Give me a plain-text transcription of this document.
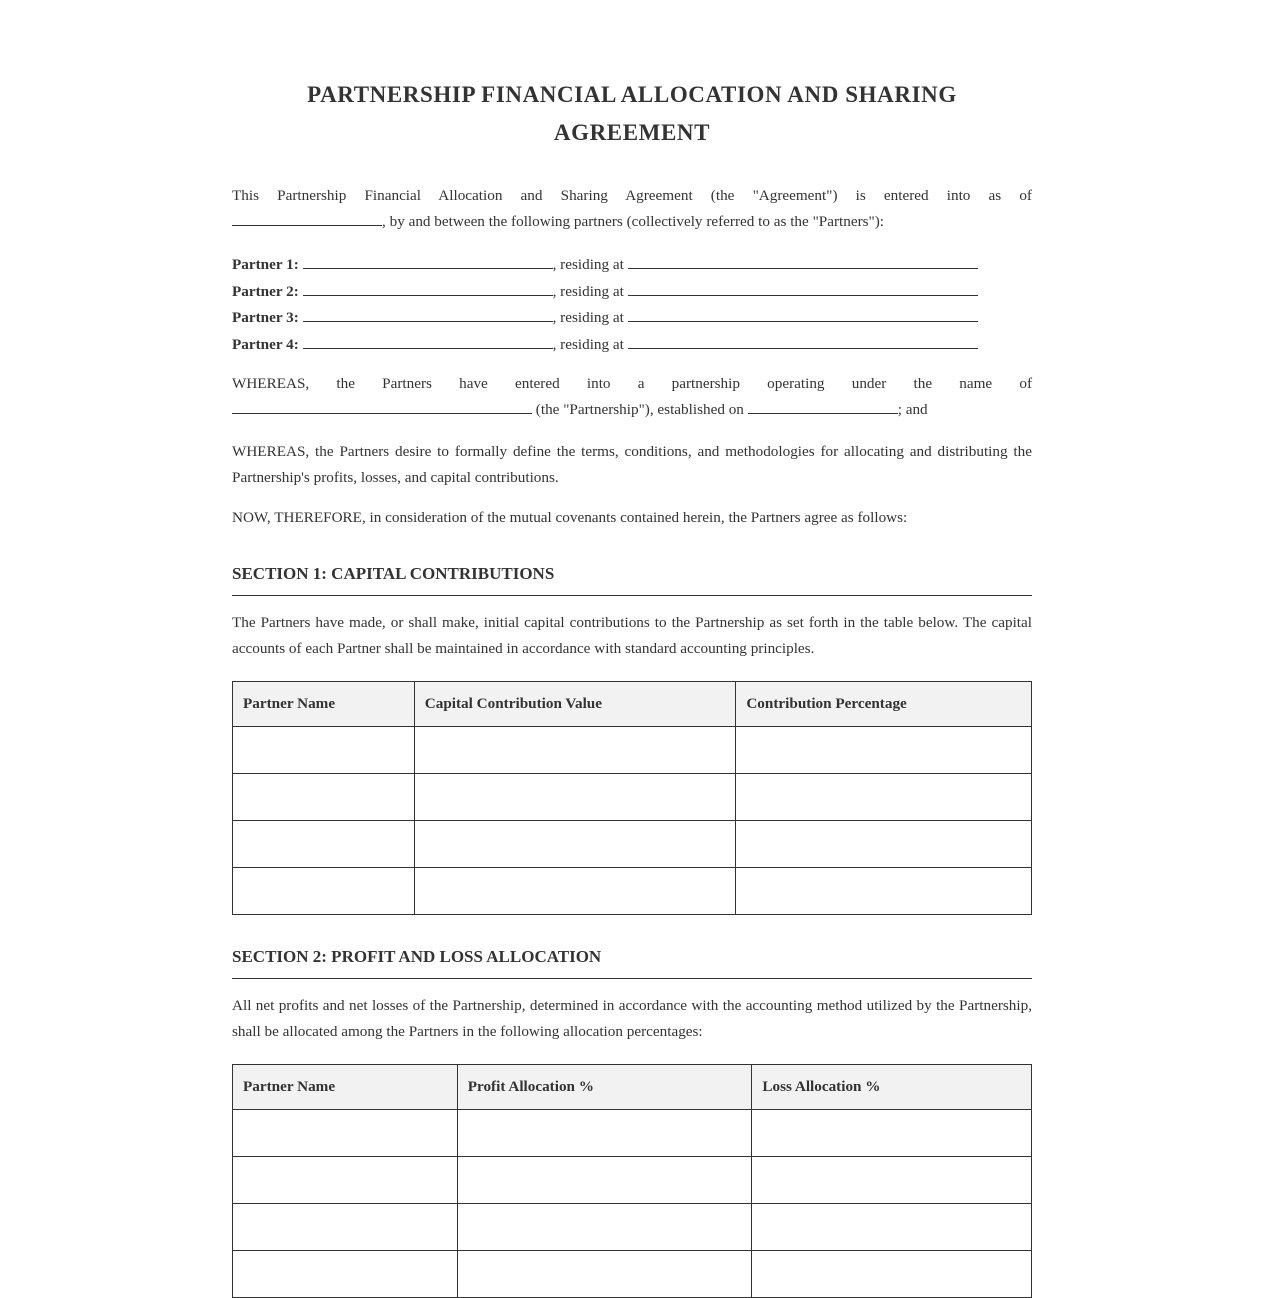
PARTNERSHIP FINANCIAL ALLOCATION AND SHARING
AGREEMENT
This Partnership Financial Allocation and Sharing Agreement (the "Agreement") is entered into as of
, by and between the following partners (collectively referred to as the "Partners"):
Partner 1:	, residing at
Partner 2:	, residing at
Partner 3:	, residing at
Partner 4:	, residing at
WHEREAS, the Partners have entered into a partnership operating under the name of
(the "Partnership"), established on	; and
WHEREAS, the Partners desire to formally define the terms, conditions, and methodologies for allocating and distributing the Partnership's profits, losses, and capital contributions.
NOW, THEREFORE, in consideration of the mutual covenants contained herein, the Partners agree as follows:
SECTION 1: CAPITAL CONTRIBUTIONS
The Partners have made, or shall make, initial capital contributions to the Partnership as set forth in the table below. The capital accounts of each Partner shall be maintained in accordance with standard accounting principles.
Partner Name	Capital Contribution Value	Contribution Percentage

SECTION 2: PROFIT AND LOSS ALLOCATION
All net profits and net losses of the Partnership, determined in accordance with the accounting method utilized by the Partnership, shall be allocated among the Partners in the following allocation percentages:
Partner Name	Profit Allocation %	Loss Allocation %
